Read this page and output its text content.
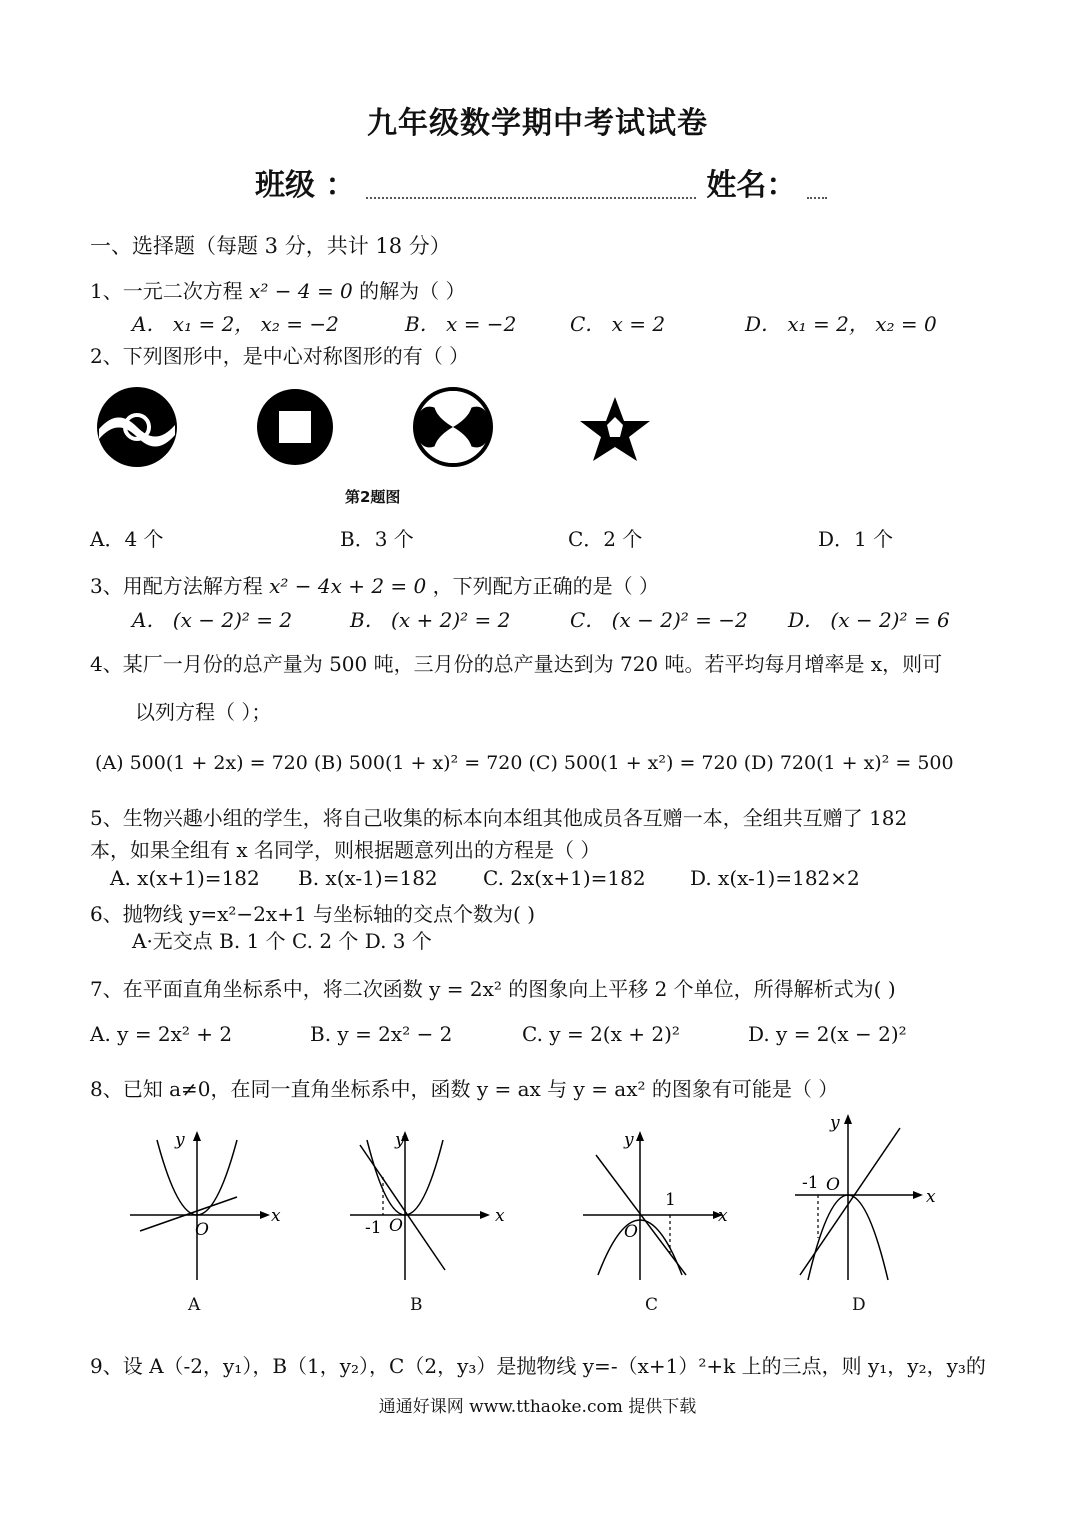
九年级数学期中考试试卷
班级 ：	姓名：
一、选择题（每题 3 分，共计 18 分）
1、一元二次方程 x² − 4 = 0 的解为（ ）
A． x₁ = 2， x₂ = −2	B． x = −2	C． x = 2	D． x₁ = 2， x₂ = 0
2、下列图形中，是中心对称图形的有（ ）
第2题图
A．4 个	B．3 个	C．2 个	D．1 个
3、用配方法解方程 x² − 4x + 2 = 0 ，下列配方正确的是（ ）
A． (x − 2)² = 2	B． (x + 2)² = 2	C． (x − 2)² = −2 D． (x − 2)² = 6
4、某厂一月份的总产量为 500 吨，三月份的总产量达到为 720 吨。若平均每月增率是 x，则可
以列方程（ ）；
(A) 500(1 + 2x) = 720 (B) 500(1 + x)² = 720 (C) 500(1 + x²) = 720 (D) 720(1 + x)² = 500
5、生物兴趣小组的学生，将自己收集的标本向本组其他成员各互赠一本，全组共互赠了 182
本，如果全组有 x 名同学，则根据题意列出的方程是（ ）
A. x(x+1)=182 B. x(x-1)=182 C. 2x(x+1)=182 D. x(x-1)=182×2
6、抛物线 y=x²−2x+1 与坐标轴的交点个数为( )
A·无交点 B. 1 个 C. 2 个 D. 3 个
7、在平面直角坐标系中，将二次函数 y = 2x² 的图象向上平移 2 个单位，所得解析式为( )
A. y = 2x² + 2	B. y = 2x² − 2	C. y = 2(x + 2)²	D. y = 2(x − 2)²
8、已知 a≠0，在同一直角坐标系中，函数 y = ax 与 y = ax² 的图象有可能是（ ）
x
y
O
A
x
y
O
-1
B
x
y
O
1
C
x
y
O
-1
D
9、设 A（-2，y₁），B（1，y₂），C（2，y₃）是抛物线 y=-（x+1）²+k 上的三点，则 y₁，y₂，y₃的
通通好课网 www.tthaoke.com 提供下载
